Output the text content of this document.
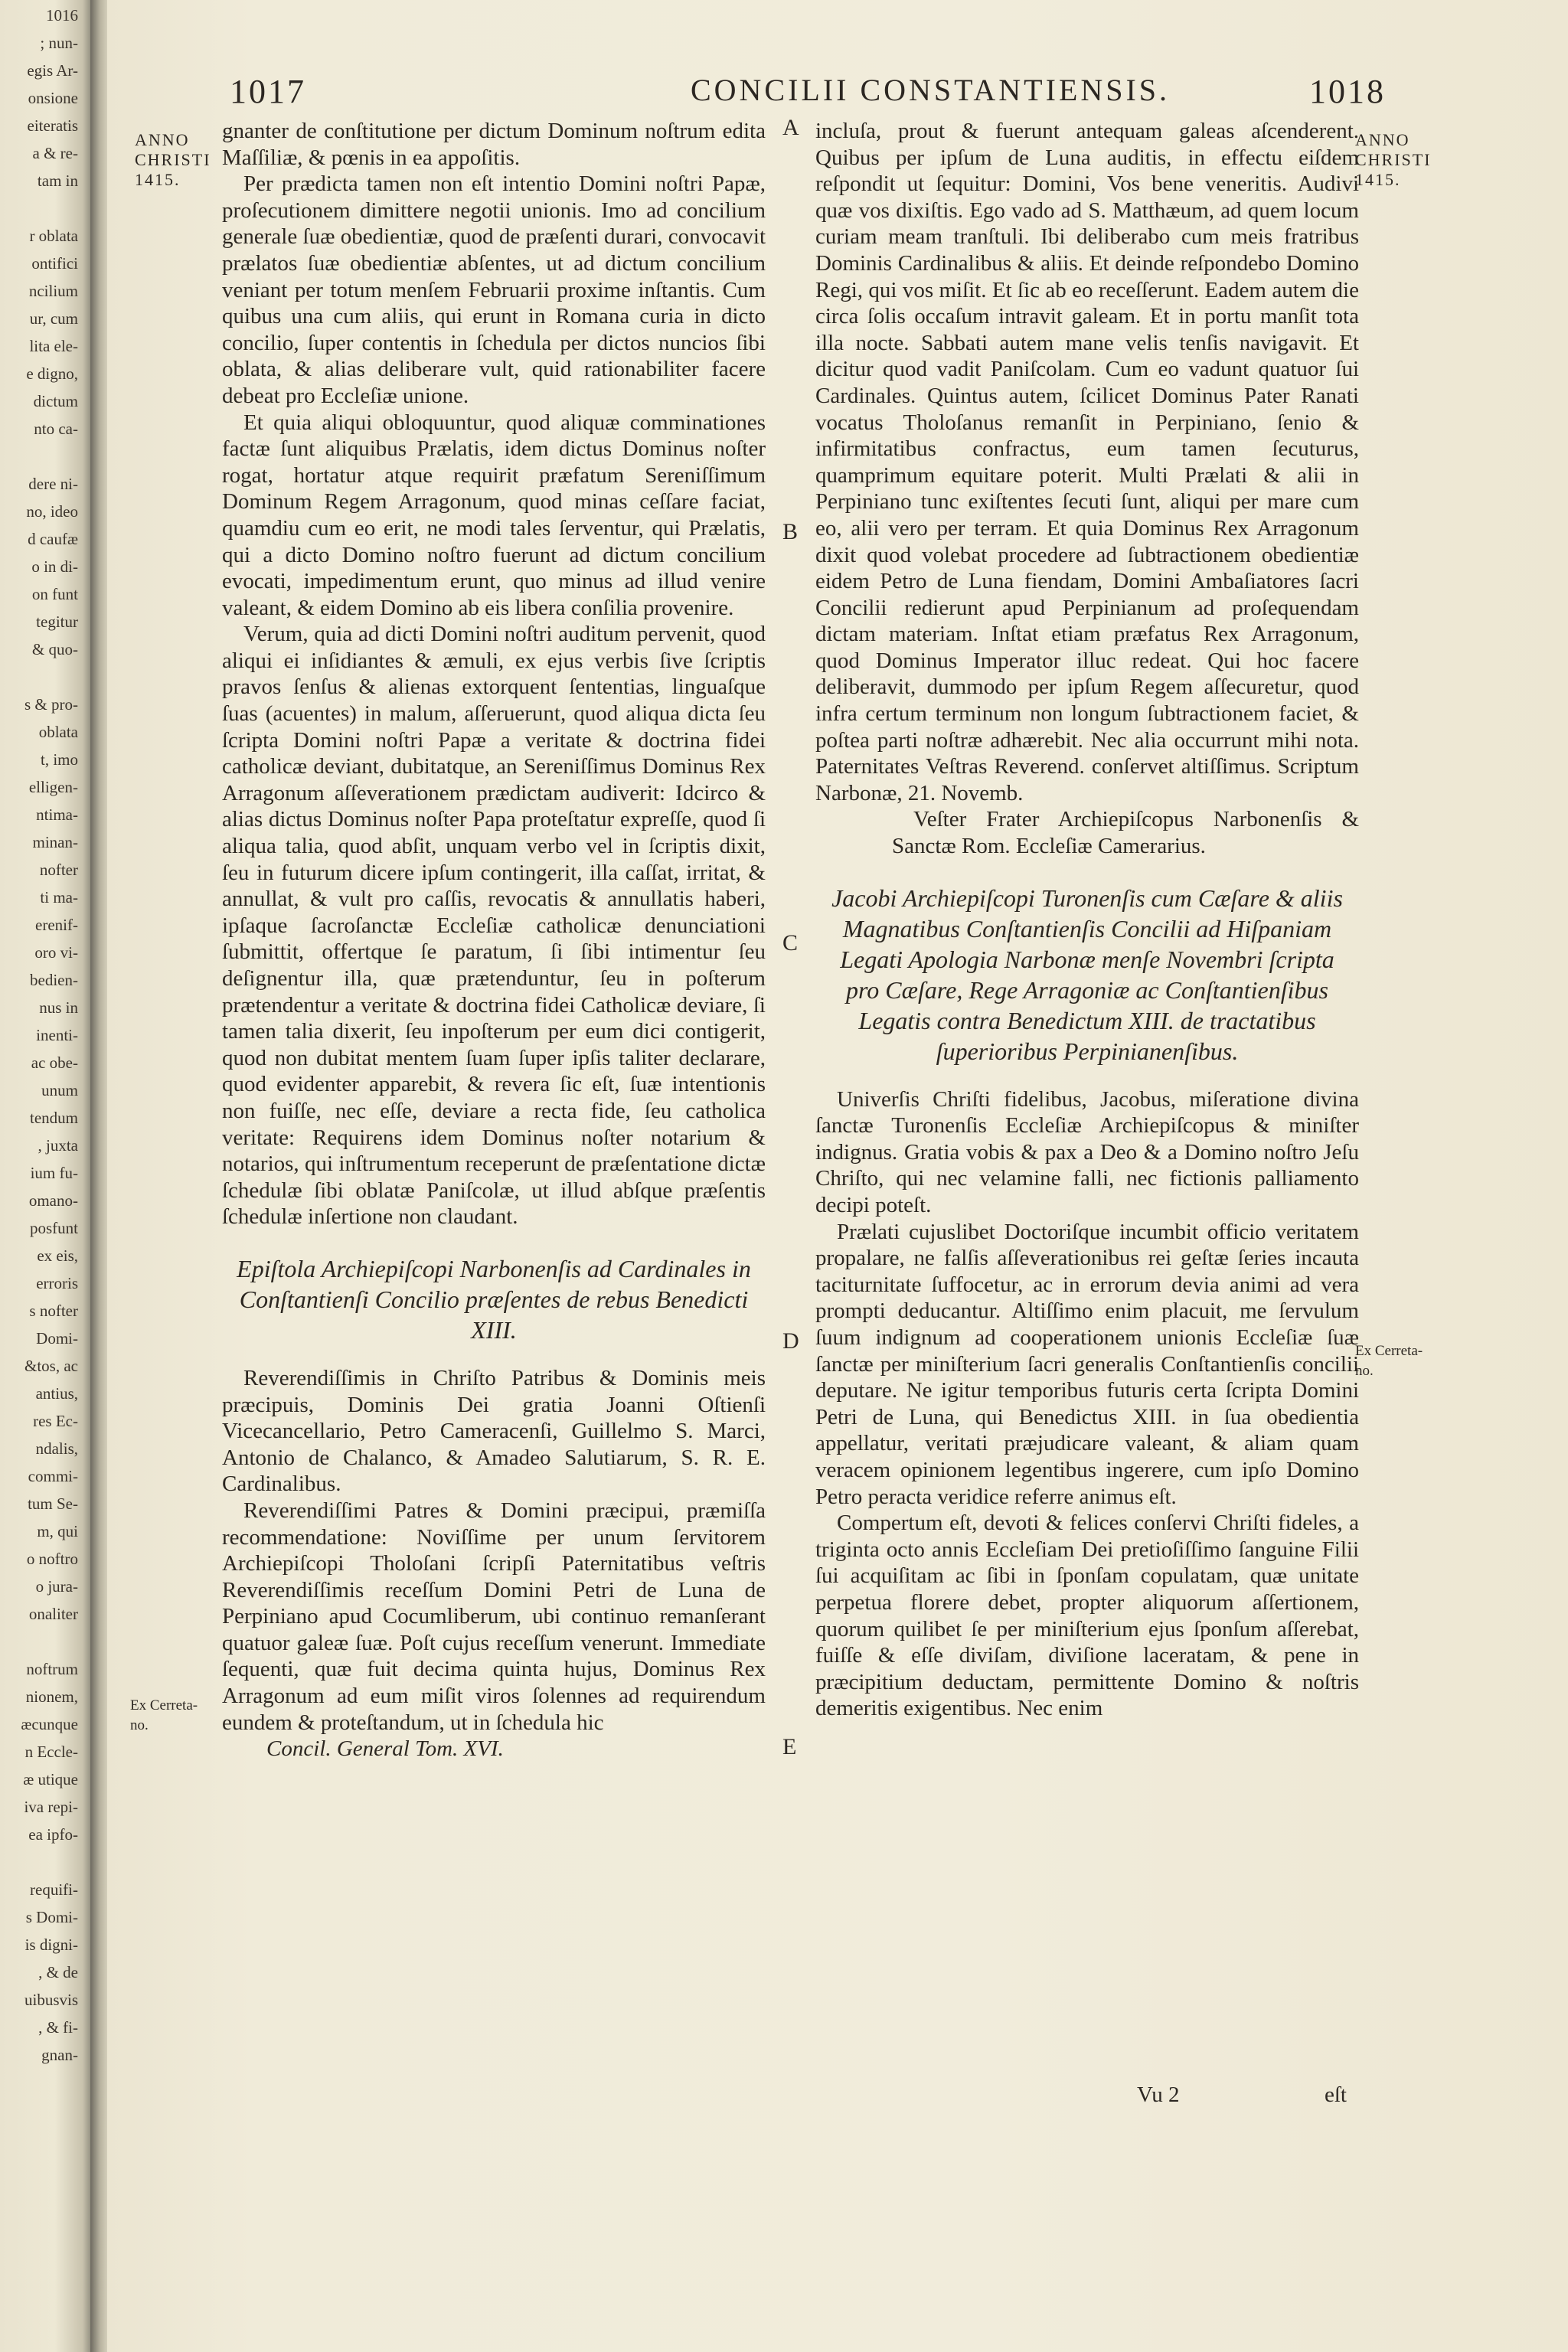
1016
; nun-
egis Ar-
onsione
eiteratis
a & re-
tam in
r oblata
ontifici
ncilium
ur, cum
lita ele-
e digno,
dictum
nto ca-
dere ni-
no, ideo
d caufæ
o in di-
on funt
tegitur
& quo-
s & pro-
oblata
t, imo
elligen-
ntima-
minan-
nofter
ti ma-
erenif-
oro vi-
bedien-
nus in
inenti-
ac obe-
unum
tendum
, juxta
ium fu-
omano-
posfunt
ex eis,
erroris
s nofter
Domi-
&tos, ac
antius,
res Ec-
ndalis,
commi-
tum Se-
m, qui
o noftro
o jura-
onaliter
noftrum
nionem,
æcunque
n Eccle-
æ utique
iva repi-
ea ipfo-
requifi-
s Domi-
is digni-
, & de
uibusvis
, & fi-
gnan-
1017	CONCILII CONSTANTIENSIS.	1018
ANNO
CHRISTI
1415.
ANNO
CHRISTI
1415.
Ex Cerreta-
no.
Ex Cerreta-
no.
A
B
C
D
E

gnanter de conſtitutione per dictum Dominum noſtrum edita Maſſiliæ, & pœnis in ea appoſitis.

Per prædicta tamen non eſt intentio Domini noſtri Papæ, proſecutionem dimittere negotii unionis. Imo ad concilium generale ſuæ obedientiæ, quod de præſenti durari, convocavit prælatos ſuæ obedientiæ abſentes, ut ad dictum concilium veniant per totum menſem Februarii proxime inſtantis. Cum quibus una cum aliis, qui erunt in Romana curia in dicto concilio, ſuper contentis in ſchedula per dictos nuncios ſibi oblata, & alias deliberare vult, quid rationabiliter facere debeat pro Eccleſiæ unione.

Et quia aliqui obloquuntur, quod aliquæ comminationes factæ ſunt aliquibus Prælatis, idem dictus Dominus noſter rogat, hortatur atque requirit præfatum Sereniſſimum Dominum Regem Arragonum, quod minas ceſſare faciat, quamdiu cum eo erit, ne modi tales ſerventur, qui Prælatis, qui a dicto Domino noſtro fuerunt ad dictum concilium evocati, impedimentum erunt, quo minus ad illud venire valeant, & eidem Domino ab eis libera conſilia provenire.

Verum, quia ad dicti Domini noſtri auditum pervenit, quod aliqui ei inſidiantes & æmuli, ex ejus verbis ſive ſcriptis pravos ſenſus & alienas extorquent ſententias, linguaſque ſuas (acuentes) in malum, aſſeruerunt, quod aliqua dicta ſeu ſcripta Domini noſtri Papæ a veritate & doctrina fidei catholicæ deviant, dubitatque, an Sereniſſimus Dominus Rex Arragonum aſſeverationem prædictam audiverit: Idcirco & alias dictus Dominus noſter Papa proteſtatur expreſſe, quod ſi aliqua talia, quod abſit, unquam verbo vel in ſcriptis dixit, ſeu in futurum dicere ipſum contingerit, illa caſſat, irritat, & annullat, & vult pro caſſis, revocatis & annullatis haberi, ipſaque ſacroſanctæ Eccleſiæ catholicæ denunciationi ſubmittit, offertque ſe paratum, ſi ſibi intimentur ſeu deſignentur illa, quæ prætenduntur, ſeu in poſterum prætendentur a veritate & doctrina fidei Catholicæ deviare, ſi tamen talia dixerit, ſeu inpoſterum per eum dici contigerit, quod non dubitat mentem ſuam ſuper ipſis taliter declarare, quod evidenter apparebit, & revera ſic eſt, ſuæ intentionis non fuiſſe, nec eſſe, deviare a recta fide, ſeu catholica veritate: Requirens idem Dominus noſter notarium & notarios, qui inſtrumentum receperunt de præſentatione dictæ ſchedulæ ſibi oblatæ Paniſcolæ, ut illud abſque præſentis ſchedulæ inſertione non claudant.

Epiſtola Archiepiſcopi Narbonenſis ad Cardinales in Conſtantienſi Concilio præſentes de rebus Benedicti XIII.

Reverendiſſimis in Chriſto Patribus & Dominis meis præcipuis, Dominis Dei gratia Joanni Oſtienſi Vicecancellario, Petro Cameracenſi, Guillelmo S. Marci, Antonio de Chalanco, & Amadeo Salutiarum, S. R. E. Cardinalibus.

Reverendiſſimi Patres & Domini præcipui, præmiſſa recommendatione: Noviſſime per unum ſervitorem Archiepiſcopi Tholoſani ſcripſi Paternitatibus veſtris Reverendiſſimis receſſum Domini Petri de Luna de Perpiniano apud Cocumliberum, ubi continuo remanſerant quatuor galeæ ſuæ. Poſt cujus receſſum venerunt. Immediate ſequenti, quæ fuit decima quinta hujus, Dominus Rex Arragonum ad eum miſit viros ſolennes ad requirendum eundem & proteſtandum, ut in ſchedula hic

Concil. General Tom. XVI.

incluſa, prout & fuerunt antequam galeas aſcenderent. Quibus per ipſum de Luna auditis, in effectu eiſdem reſpondit ut ſequitur: Domini, Vos bene veneritis. Audivi quæ vos dixiſtis. Ego vado ad S. Matthæum, ad quem locum curiam meam tranſtuli. Ibi deliberabo cum meis fratribus Dominis Cardinalibus & aliis. Et deinde reſpondebo Domino Regi, qui vos miſit. Et ſic ab eo receſſerunt. Eadem autem die circa ſolis occaſum intravit galeam. Et in portu manſit tota illa nocte. Sabbati autem mane velis tenſis navigavit. Et dicitur quod vadit Paniſcolam. Cum eo vadunt quatuor ſui Cardinales. Quintus autem, ſcilicet Dominus Pater Ranati vocatus Tholoſanus remanſit in Perpiniano, ſenio & infirmitatibus confractus, eum tamen ſecuturus, quamprimum equitare poterit. Multi Prælati & alii in Perpiniano tunc exiſtentes ſecuti ſunt, aliqui per mare cum eo, alii vero per terram. Et quia Dominus Rex Arragonum dixit quod volebat procedere ad ſubtractionem obedientiæ eidem Petro de Luna fiendam, Domini Ambaſiatores ſacri Concilii redierunt apud Perpinianum ad proſequendam dictam materiam. Inſtat etiam præfatus Rex Arragonum, quod Dominus Imperator illuc redeat. Qui hoc facere deliberavit, dummodo per ipſum Regem aſſecuretur, quod infra certum terminum non longum ſubtractionem faciet, & poſtea parti noſtræ adhærebit. Nec alia occurrunt mihi nota. Paternitates Veſtras Reverend. conſervet altiſſimus. Scriptum Narbonæ, 21. Novemb.

Veſter Frater Archiepiſcopus Narbonenſis & Sanctæ Rom. Eccleſiæ Camerarius.

Jacobi Archiepiſcopi Turonenſis cum Cæſare & aliis Magnatibus Conſtantienſis Concilii ad Hiſpaniam Legati Apologia Narbonæ menſe Novembri ſcripta pro Cæſare, Rege Arragoniæ ac Conſtantienſibus Legatis contra Benedictum XIII. de tractatibus ſuperioribus Perpinianenſibus.

Univerſis Chriſti fidelibus, Jacobus, miſeratione divina ſanctæ Turonenſis Eccleſiæ Archiepiſcopus & miniſter indignus. Gratia vobis & pax a Deo & a Domino noſtro Jeſu Chriſto, qui nec velamine falli, nec fictionis palliamento decipi poteſt.

Prælati cujuslibet Doctoriſque incumbit officio veritatem propalare, ne falſis aſſeverationibus rei geſtæ ſeries incauta taciturnitate ſuffocetur, ac in errorum devia animi ad vera prompti deducantur. Altiſſimo enim placuit, me ſervulum ſuum indignum ad cooperationem unionis Eccleſiæ ſuæ ſanctæ per miniſterium ſacri generalis Conſtantienſis concilii deputare. Ne igitur temporibus futuris certa ſcripta Domini Petri de Luna, qui Benedictus XIII. in ſua obedientia appellatur, veritati præjudicare valeant, & aliam quam veracem opinionem legentibus ingerere, cum ipſo Domino Petro peracta veridice referre animus eſt.

Compertum eſt, devoti & felices conſervi Chriſti fideles, a triginta octo annis Eccleſiam Dei pretioſiſſimo ſanguine Filii ſui acquiſitam ac ſibi in ſponſam copulatam, quæ unitate perpetua florere debet, propter aliquorum aſſertionem, quorum quilibet ſe per miniſterium ejus ſponſum aſſerebat, fuiſſe & eſſe diviſam, diviſione laceratam, & pene in præcipitium deductam, permittente Domino & noſtris demeritis exigentibus. Nec enim

Vu 2	eſt
